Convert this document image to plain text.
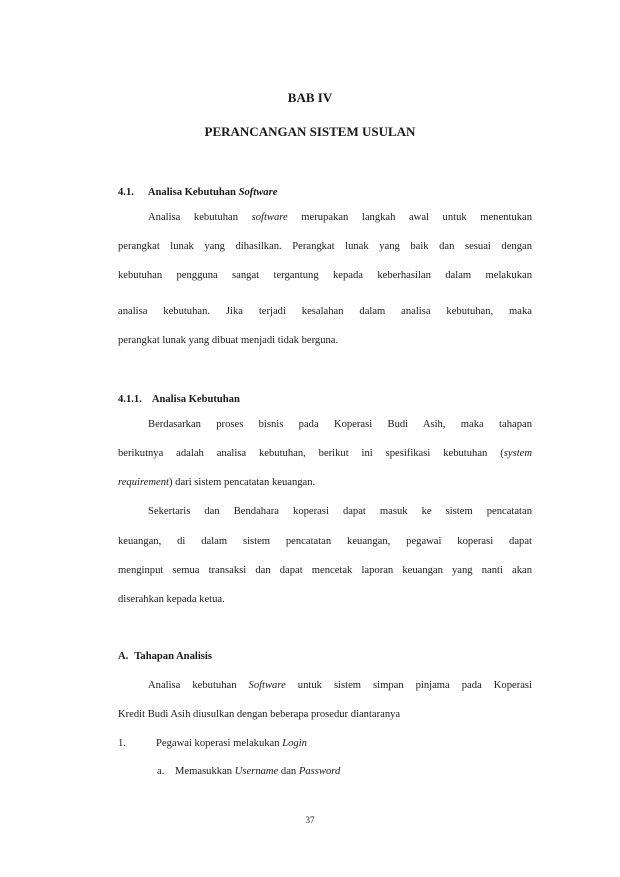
BAB IV
PERANCANGAN SISTEM USULAN
4.1. Analisa Kebutuhan Software
Analisa kebutuhan software merupakan langkah awal untuk menentukan
perangkat lunak yang dihasilkan. Perangkat lunak yang baik dan sesuai dengan
kebutuhan pengguna sangat tergantung kepada keberhasilan dalam melakukan
analisa kebutuhan. Jika terjadi kesalahan dalam analisa kebutuhan, maka
perangkat lunak yang dibuat menjadi tidak berguna.
4.1.1. Analisa Kebutuhan
Berdasarkan proses bisnis pada Koperasi Budi Asih, maka tahapan
berikutnya adalah analisa kebutuhan, berikut ini spesifikasi kebutuhan (system
requirement) dari sistem pencatatan keuangan.
Sekertaris dan Bendahara koperasi dapat masuk ke sistem pencatatan
keuangan, di dalam sistem pencatatan keuangan, pegawai koperasi dapat
menginput semua transaksi dan dapat mencetak laporan keuangan yang nanti akan
diserahkan kepada ketua.
A. Tahapan Analisis
Analisa kebutuhan Software untuk sistem simpan pinjama pada Koperasi
Kredit Budi Asih diusulkan dengan beberapa prosedur diantaranya
1.	Pegawai koperasi melakukan Login
a. Memasukkan Username dan Password
37
